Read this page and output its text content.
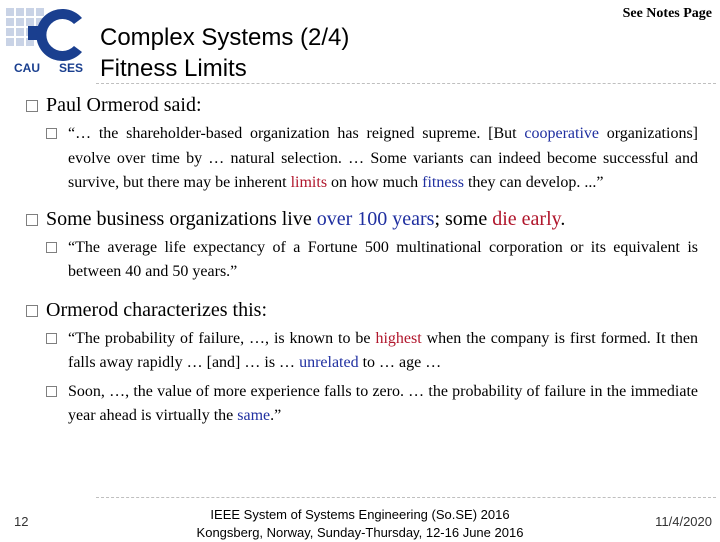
CAU SES
Complex Systems (2/4)
Fitness Limits
See Notes Page
Paul Ormerod said:
“… the shareholder-based organization has reigned supreme. [But cooperative organizations] evolve over time by … natural selection. … Some variants can indeed become successful and survive, but there may be inherent limits on how much fitness they can develop. ...”
Some business organizations live over 100 years; some die early.
“The average life expectancy of a Fortune 500 multinational corporation or its equivalent is between 40 and 50 years.”
Ormerod characterizes this:
“The probability of failure, …, is known to be highest when the company is first formed. It then falls away rapidly … [and] … is … unrelated to … age …
Soon, …, the value of more experience falls to zero. … the probability of failure in the immediate year ahead is virtually the same.”
12	IEEE System of Systems Engineering (So.SE) 2016
Kongsberg, Norway, Sunday-Thursday, 12-16 June 2016
11/4/2020
